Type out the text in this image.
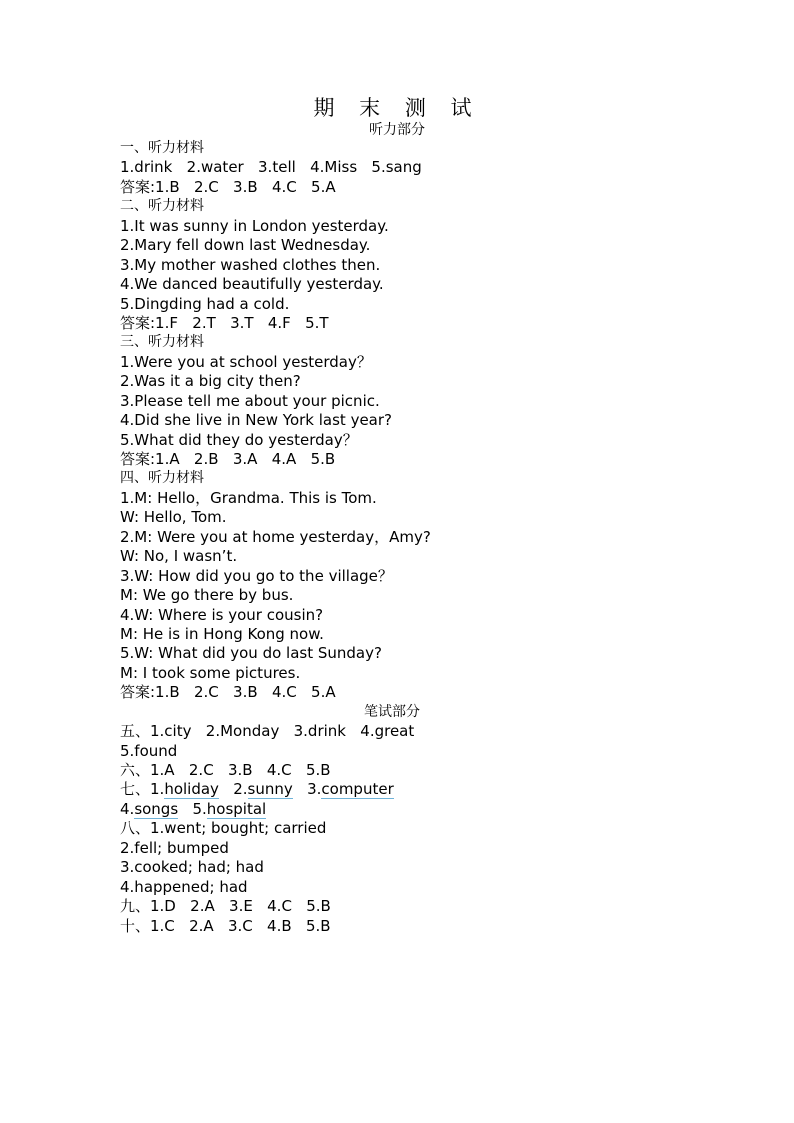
期 末 测 试
听力部分
一、听力材料
1.drink   2.water   3.tell   4.Miss   5.sang
答案:1.B   2.C   3.B   4.C   5.A
二、听力材料
1.It was sunny in London yesterday.
2.Mary fell down last Wednesday.
3.My mother washed clothes then.
4.We danced beautifully yesterday.
5.Dingding had a cold.
答案:1.F   2.T   3.T   4.F   5.T
三、听力材料
1.Were you at school yesterday？
2.Was it a big city then?
3.Please tell me about your picnic.
4.Did she live in New York last year?
5.What did they do yesterday？
答案:1.A   2.B   3.A   4.A   5.B
四、听力材料
1.M: Hello，Grandma. This is Tom.
W: Hello, Tom.
2.M: Were you at home yesterday，Amy?
W: No, I wasn’t.
3.W: How did you go to the village？
M: We go there by bus.
4.W: Where is your cousin?
M: He is in Hong Kong now.
5.W: What did you do last Sunday?
M: I took some pictures.
答案:1.B   2.C   3.B   4.C   5.A
笔试部分
五、1.city   2.Monday   3.drink   4.great
5.found
六、1.A   2.C   3.B   4.C   5.B
七、1.holiday   2.sunny   3.computer
4.songs   5.hospital
八、1.went; bought; carried
2.fell; bumped
3.cooked; had; had
4.happened; had
九、1.D   2.A   3.E   4.C   5.B
十、1.C   2.A   3.C   4.B   5.B
